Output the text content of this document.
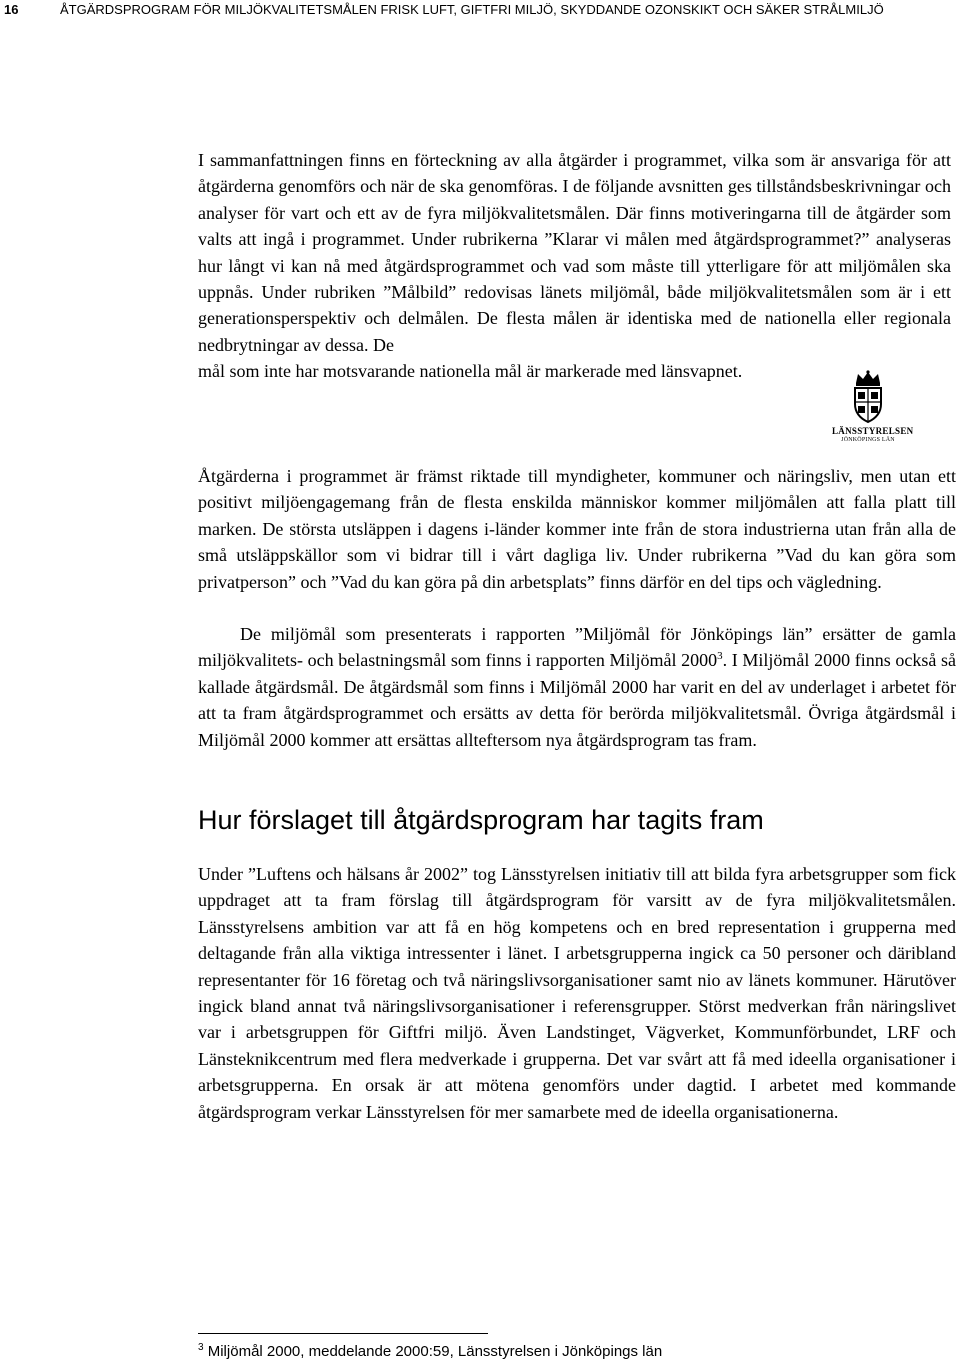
16	ÅTGÄRDSPROGRAM FÖR MILJÖKVALITETSMÅLEN FRISK LUFT, GIFTFRI MILJÖ, SKYDDANDE OZONSKIKT OCH SÄKER STRÅLMILJÖ
I sammanfattningen finns en förteckning av alla åtgärder i programmet, vilka som är ansvariga för att åtgärderna genomförs och när de ska genomföras. I de följande avsnitten ges tillståndsbeskrivningar och analyser för vart och ett av de fyra miljökvalitetsmålen. Där finns motiveringarna till de åtgärder som valts att ingå i programmet. Under rubrikerna ”Klarar vi målen med åtgärdsprogrammet?” analyseras hur långt vi kan nå med åtgärdsprogrammet och vad som måste till ytterligare för att miljömålen ska uppnås. Under rubriken ”Målbild” redovisas länets miljömål, både miljökvalitetsmålen som är i ett generationsperspektiv och delmålen. De flesta målen är identiska med de nationella eller regionala nedbrytningar av dessa. De
mål som inte har motsvarande nationella mål är markerade med länsvapnet.
LÄNSSTYRELSEN
JÖNKÖPINGS LÄN
Åtgärderna i programmet är främst riktade till myndigheter, kommuner och näringsliv, men utan ett positivt miljöengagemang från de flesta enskilda människor kommer miljömålen att falla platt till marken. De största utsläppen i dagens i-länder kommer inte från de stora industrierna utan från alla de små utsläppskällor som vi bidrar till i vårt dagliga liv. Under rubrikerna ”Vad du kan göra som privatperson” och ”Vad du kan göra på din arbetsplats” finns därför en del tips och vägledning.
De miljömål som presenterats i rapporten ”Miljömål för Jönköpings län” ersätter de gamla miljökvalitets- och belastningsmål som finns i rapporten Miljömål 2000$^3$. I Miljömål 2000 finns också så kallade åtgärdsmål. De åtgärdsmål som finns i Miljömål 2000 har varit en del av underlaget i arbetet för att ta fram åtgärdsprogrammet och ersätts av detta för berörda miljökvalitetsmål. Övriga åtgärdsmål i Miljömål 2000 kommer att ersättas allteftersom nya åtgärdsprogram tas fram.
Hur förslaget till åtgärdsprogram har tagits fram
Under ”Luftens och hälsans år 2002” tog Länsstyrelsen initiativ till att bilda fyra arbetsgrupper som fick uppdraget att ta fram förslag till åtgärdsprogram för varsitt av de fyra miljökvalitetsmålen. Länsstyrelsens ambition var att få en hög kompetens och en bred representation i grupperna med deltagande från alla viktiga intressenter i länet. I arbetsgrupperna ingick ca 50 personer och däribland representanter för 16 företag och två näringslivsorganisationer samt nio av länets kommuner. Härutöver ingick bland annat två näringslivsorganisationer i referensgrupper. Störst medverkan från näringslivet var i arbetsgruppen för Giftfri miljö. Även Landstinget, Vägverket, Kommunförbundet, LRF och Länsteknikcentrum med flera medverkade i grupperna. Det var svårt att få med ideella organisationer i arbetsgrupperna. En orsak är att mötena genomförs under dagtid. I arbetet med kommande åtgärdsprogram verkar Länsstyrelsen för mer samarbete med de ideella organisationerna.
$^3$ Miljömål 2000, meddelande 2000:59, Länsstyrelsen i Jönköpings län
